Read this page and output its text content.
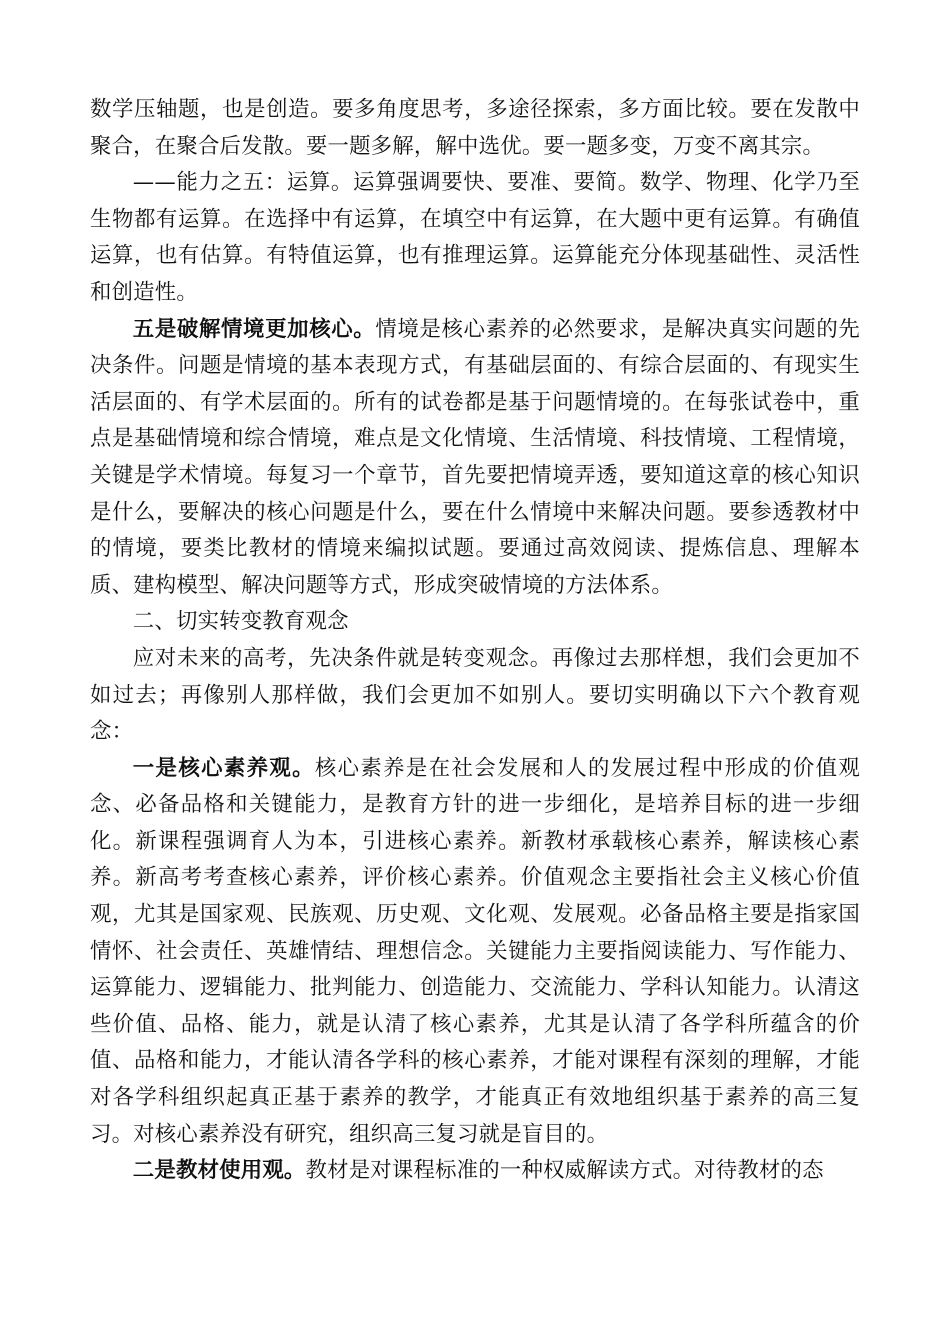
数学压轴题，也是创造。要多角度思考，多途径探索，多方面比较。要在发散中聚合，在聚合后发散。要一题多解，解中选优。要一题多变，万变不离其宗。

——能力之五：运算。运算强调要快、要准、要简。数学、物理、化学乃至生物都有运算。在选择中有运算，在填空中有运算，在大题中更有运算。有确值运算，也有估算。有特值运算，也有推理运算。运算能充分体现基础性、灵活性和创造性。

五是破解情境更加核心。情境是核心素养的必然要求，是解决真实问题的先决条件。问题是情境的基本表现方式，有基础层面的、有综合层面的、有现实生活层面的、有学术层面的。所有的试卷都是基于问题情境的。在每张试卷中，重点是基础情境和综合情境，难点是文化情境、生活情境、科技情境、工程情境，关键是学术情境。每复习一个章节，首先要把情境弄透，要知道这章的核心知识是什么，要解决的核心问题是什么，要在什么情境中来解决问题。要参透教材中的情境，要类比教材的情境来编拟试题。要通过高效阅读、提炼信息、理解本质、建构模型、解决问题等方式，形成突破情境的方法体系。

二、切实转变教育观念

应对未来的高考，先决条件就是转变观念。再像过去那样想，我们会更加不如过去；再像别人那样做，我们会更加不如别人。要切实明确以下六个教育观念：

一是核心素养观。核心素养是在社会发展和人的发展过程中形成的价值观念、必备品格和关键能力，是教育方针的进一步细化，是培养目标的进一步细化。新课程强调育人为本，引进核心素养。新教材承载核心素养，解读核心素养。新高考考查核心素养，评价核心素养。价值观念主要指社会主义核心价值观，尤其是国家观、民族观、历史观、文化观、发展观。必备品格主要是指家国情怀、社会责任、英雄情结、理想信念。关键能力主要指阅读能力、写作能力、运算能力、逻辑能力、批判能力、创造能力、交流能力、学科认知能力。认清这些价值、品格、能力，就是认清了核心素养，尤其是认清了各学科所蕴含的价值、品格和能力，才能认清各学科的核心素养，才能对课程有深刻的理解，才能对各学科组织起真正基于素养的教学，才能真正有效地组织基于素养的高三复习。对核心素养没有研究，组织高三复习就是盲目的。

二是教材使用观。教材是对课程标准的一种权威解读方式。对待教材的态
